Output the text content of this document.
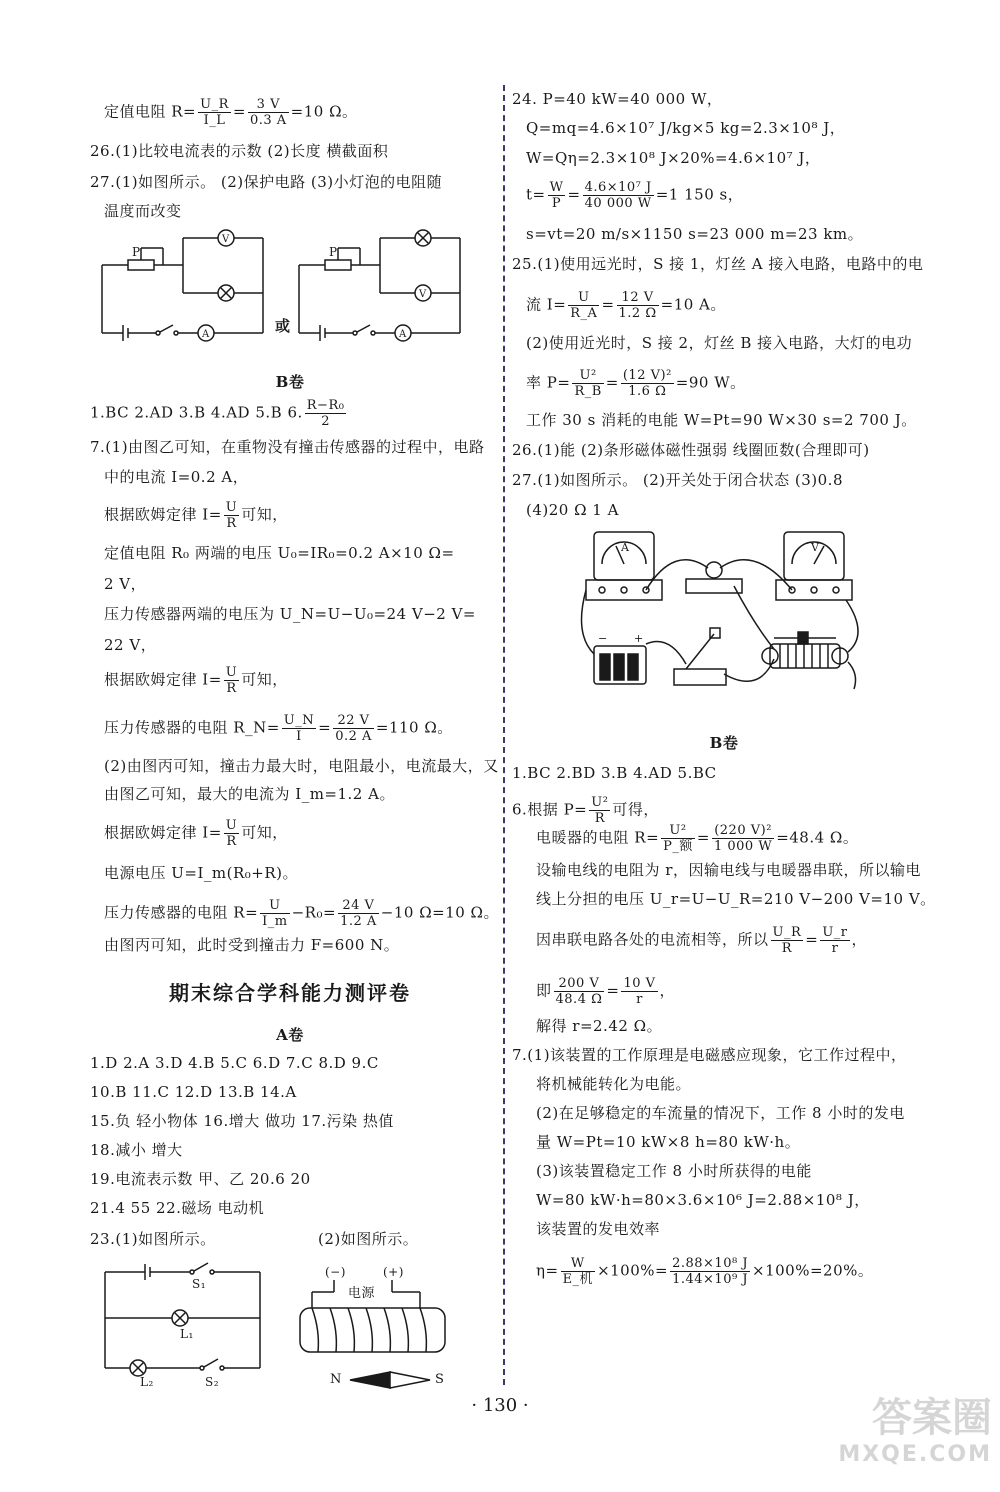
定值电阻 $R= \frac{U\_R}{I\_L} = \frac{3 V}{0.3 A} =10$ Ω。
26.(1)比较电流表的示数 (2)长度 横截面积
27.(1)如图所示。 (2)保护电路 (3)小灯泡的电阻随
温度而改变
P
V
A	或
P
V
A
B卷
1.BC 2.AD 3.B 4.AD 5.B 6. $\frac{\text{R−R₀}}{2}$
7.(1)由图乙可知，在重物没有撞击传感器的过程中，电路
中的电流 I=0.2 A，
根据欧姆定律 $I= \frac{U}{R}$ 可知，
定值电阻 R₀ 两端的电压 U₀=IR₀=0.2 A×10 Ω=
2 V，
压力传感器两端的电压为 U_N=U−U₀=24 V−2 V=
22 V，
根据欧姆定律 $I= \frac{U}{R}$ 可知，
压力传感器的电阻 R_N= $\frac{U\_N}{I} = \frac{22 V}{0.2 A} =110$ Ω。
(2)由图丙可知，撞击力最大时，电阻最小，电流最大，又
由图乙可知，最大的电流为 I_m=1.2 A。
根据欧姆定律 $I= \frac{U}{R}$ 可知，
电源电压 U=I_m(R₀+R)。
压力传感器的电阻 $R= \frac{U}{I\_m} -R_0= \frac{24 V}{1.2 A} -10$ Ω=10 Ω。
由图丙可知，此时受到撞击力 F=600 N。
期末综合学科能力测评卷
A卷
1.D 2.A 3.D 4.B 5.C 6.D 7.C 8.D 9.C
10.B 11.C 12.D 13.B 14.A
15.负 轻小物体 16.增大 做功 17.污染 热值
18.减小 增大
19.电流表示数 甲、乙 20.6 20
21.4 55 22.磁场 电动机
23.(1)如图所示。	(2)如图所示。
S₁
L₁
L₂	S₂
(−)	(+)
电源
N	S
24. P=40 kW=40 000 W，
Q=mq=4.6×10⁷ J/kg×5 kg=2.3×10⁸ J，
W=Qη=2.3×10⁸ J×20%=4.6×10⁷ J，
$t= \frac{W}{P} = \frac{\text{4.6×10⁷ J}}{40 000 W} =1$ 150 s，
s=vt=20 m/s×1150 s=23 000 m=23 km。
25.(1)使用远光时，S 接 1，灯丝 A 接入电路，电路中的电
流 $I= \frac{U}{R\_A} = \frac{12 V}{1.2 \Omega} =10$ A。
(2)使用近光时，S 接 2，灯丝 B 接入电路，大灯的电功
率 $P= \frac{\text{U²}}{R\_B} = \frac{\text{(12 V)²}}{1.6 \Omega} =90$ W。
工作 30 s 消耗的电能 W=Pt=90 W×30 s=2 700 J。
26.(1)能 (2)条形磁体磁性强弱 线圈匝数(合理即可)
27.(1)如图所示。 (2)开关处于闭合状态 (3)0.8
(4)20 Ω 1 A
− +
A	V
B卷
1.BC 2.BD 3.B 4.AD 5.BC
6.根据 $P= \frac{\text{U²}}{R}$ 可得，
电暖器的电阻 $R= \frac{\text{U²}}{\text{P\_额}} = \frac{\text{(220 V)²}}{1 000 W} =48.4$ Ω。
设输电线的电阻为 r，因输电线与电暖器串联，所以输电
线上分担的电压 U_r=U−U_R=210 V−200 V=10 V。
因串联电路各处的电流相等，所以 $\frac{U\_R}{R} = \frac{U\_r}{r}$ ，
即 $\frac{200 V}{48.4 \Omega} = \frac{10 V}{r}$ ，
解得 r=2.42 Ω。
7.(1)该装置的工作原理是电磁感应现象，它工作过程中，
将机械能转化为电能。
(2)在足够稳定的车流量的情况下，工作 8 小时的发电
量 W=Pt=10 kW×8 h=80 kW·h。
(3)该装置稳定工作 8 小时所获得的电能
W=80 kW·h=80×3.6×10⁶ J=2.88×10⁸ J，
该装置的发电效率
$\eta= \frac{W}{\text{E\_机}} \times 100\%= \frac{\text{2.88×10⁸ J}}{\text{1.44×10⁹ J}} \times 100\%=20\%$。
· 130 ·	答案圈
MXQE.COM
